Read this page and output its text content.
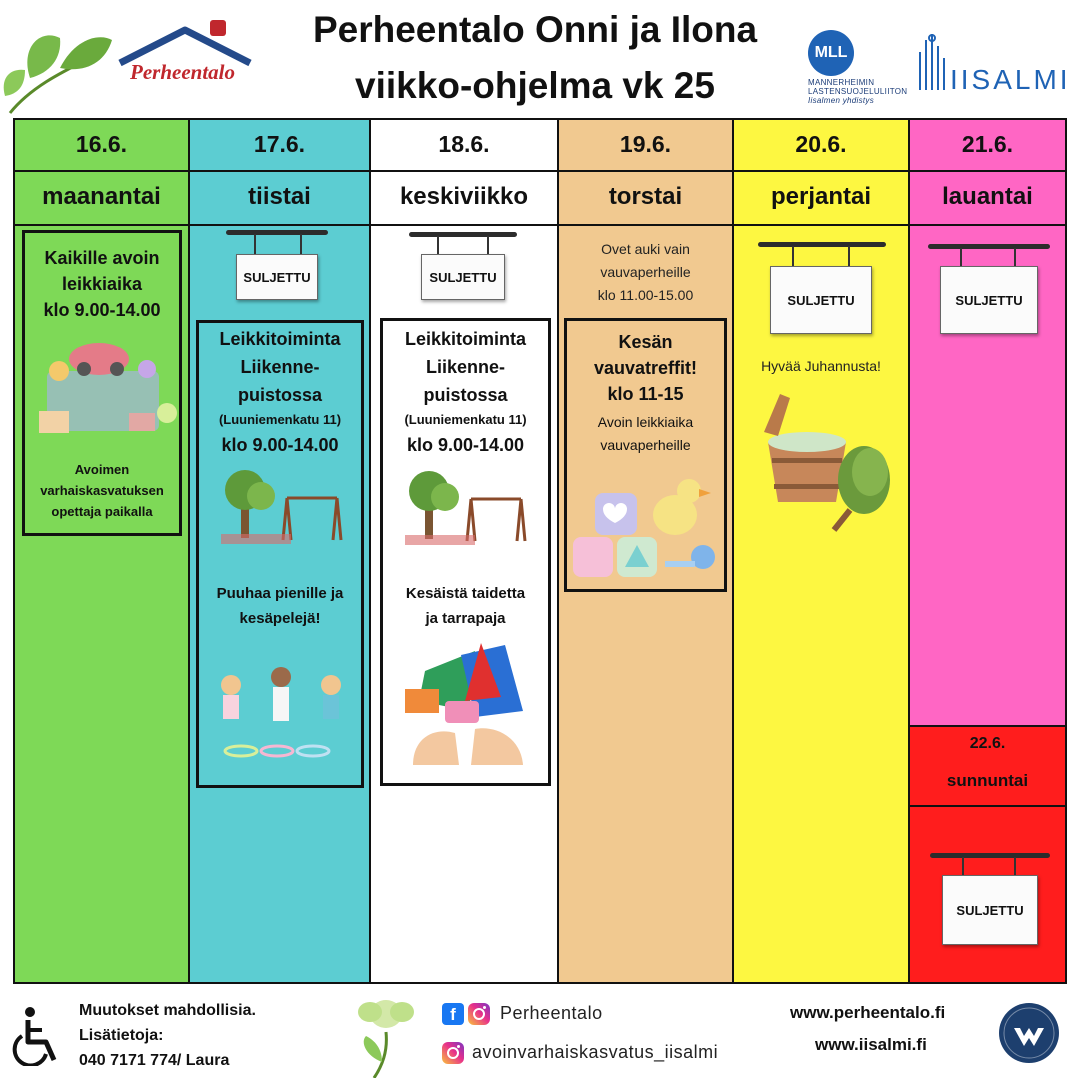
Perheentalo
Perheentalo Onni ja Ilona
viikko-ohjelma vk 25
MLL
MANNERHEIMIN
LASTENSUOJELULIITON
Iisalmen yhdistys
IISALMI
16.6.
maanantai
Kaikille avoin
leikkiaika
klo 9.00-14.00
Avoimen
varhaiskasvatuksen
opettaja paikalla
17.6.
tiistai
SULJETTU
Leikkitoiminta
Liikenne-
puistossa
(Luuniemenkatu 11)
klo 9.00-14.00
Puuhaa pienille ja
kesäpelejä!
18.6.
keskiviikko
SULJETTU
Leikkitoiminta
Liikenne-
puistossa
(Luuniemenkatu 11)
klo 9.00-14.00
Kesäistä taidetta
ja tarrapaja
19.6.
torstai
Ovet auki vain
vauvaperheille
klo 11.00-15.00
Kesän
vauvatreffit!
klo 11-15
Avoin leikkiaika
vauvaperheille
20.6.
perjantai
SULJETTU
Hyvää Juhannusta!
21.6.
lauantai
SULJETTU
22.6.
sunnuntai
SULJETTU
Muutokset mahdollisia.
Lisätietoja:
040 7171 774/ Laura
f	Perheentalo
avoinvarhaiskasvatus_iisalmi
www.perheentalo.fi
www.iisalmi.fi
